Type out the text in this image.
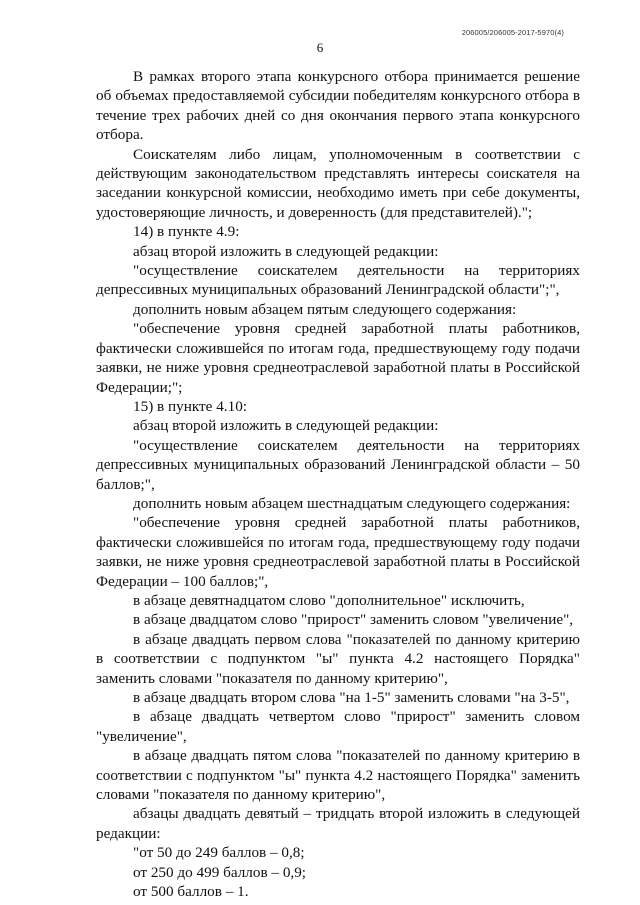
206005/206005-2017-5970(4)
6

В рамках второго этапа конкурсного отбора принимается решение об объемах предоставляемой субсидии победителям конкурсного отбора в течение трех рабочих дней со дня окончания первого этапа конкурсного отбора.

Соискателям либо лицам, уполномоченным в соответствии с действующим законодательством представлять интересы соискателя на заседании конкурсной комиссии, необходимо иметь при себе документы, удостоверяющие личность, и доверенность (для представителей).";

14) в пункте 4.9:

абзац второй изложить в следующей редакции:

"осуществление соискателем деятельности на территориях депрессивных муниципальных образований Ленинградской области";",

дополнить новым абзацем пятым следующего содержания:

"обеспечение уровня средней заработной платы работников, фактически сложившейся по итогам года, предшествующему году подачи заявки, не ниже уровня среднеотраслевой заработной платы в Российской Федерации;";

15) в пункте 4.10:

абзац второй изложить в следующей редакции:

"осуществление соискателем деятельности на территориях депрессивных муниципальных образований Ленинградской области – 50 баллов;",

дополнить новым абзацем шестнадцатым следующего содержания:

"обеспечение уровня средней заработной платы работников, фактически сложившейся по итогам года, предшествующему году подачи заявки, не ниже уровня среднеотраслевой заработной платы в Российской Федерации – 100 баллов;",

в абзаце девятнадцатом слово "дополнительное" исключить,

в абзаце двадцатом слово "прирост" заменить словом "увеличение",

в абзаце двадцать первом слова "показателей по данному критерию в соответствии с подпунктом "ы" пункта 4.2 настоящего Порядка" заменить словами "показателя по данному критерию",

в абзаце двадцать втором слова "на 1-5" заменить словами "на 3-5",

в абзаце двадцать четвертом слово "прирост" заменить словом "увеличение",

в абзаце двадцать пятом слова "показателей по данному критерию в соответствии с подпунктом "ы" пункта 4.2 настоящего Порядка" заменить словами "показателя по данному критерию",

абзацы двадцать девятый – тридцать второй изложить в следующей редакции:

"от 50 до 249 баллов – 0,8;

от 250 до 499 баллов – 0,9;

от 500 баллов – 1.
